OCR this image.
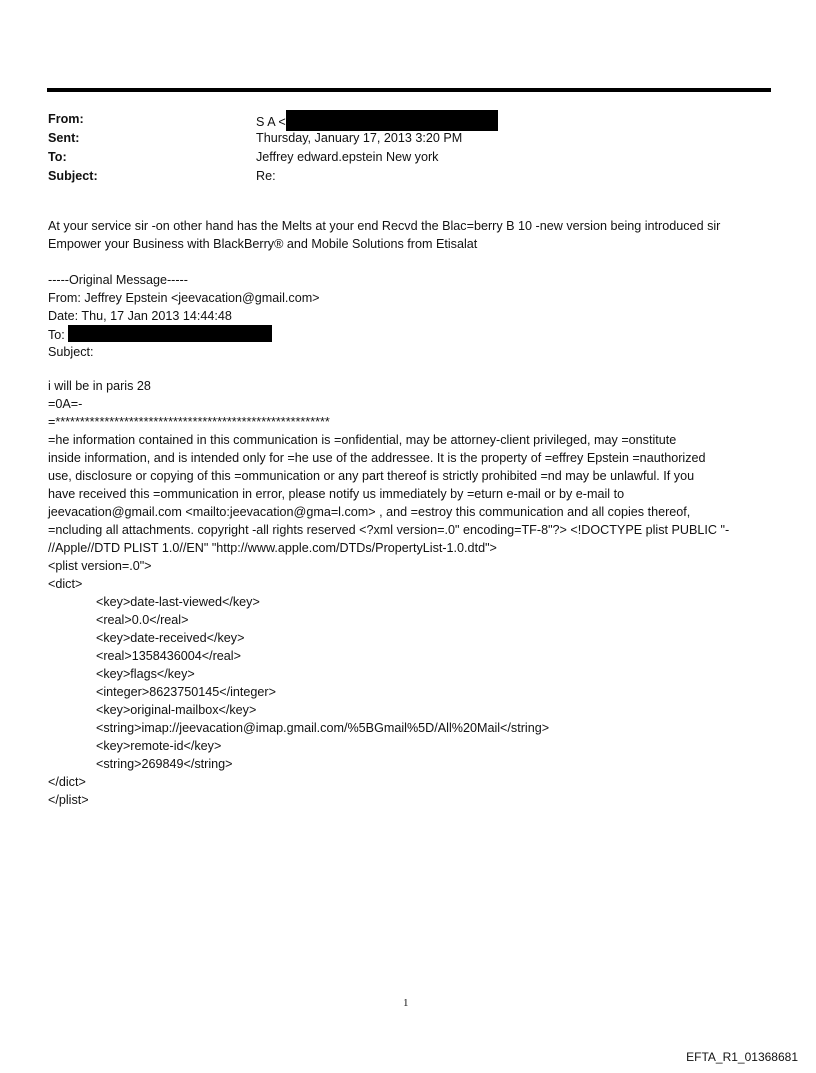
From:	S A <
Sent:	Thursday, January 17, 2013 3:20 PM
To:	Jeffrey edward.epstein New york
Subject:	Re:
At your service sir -on other hand has the Melts at your end Recvd the Blac=berry B 10 -new version being introduced sir
Empower your Business with BlackBerry® and Mobile Solutions from Etisalat
-----Original Message-----
From: Jeffrey Epstein <jeevacation@gmail.com>
Date: Thu, 17 Jan 2013 14:44:48
To:
Subject:
i will be in paris 28
=0A=-
=********************************************************
=he information contained in this communication is =onfidential, may be attorney-client privileged, may =onstitute
inside information, and is intended only for =he use of the addressee. It is the property of =effrey Epstein =nauthorized
use, disclosure or copying of this =ommunication or any part thereof is strictly prohibited =nd may be unlawful. If you
have received this =ommunication in error, please notify us immediately by =eturn e-mail or by e-mail to
jeevacation@gmail.com <mailto:jeevacation@gma=l.com> , and =estroy this communication and all copies thereof,
=ncluding all attachments. copyright -all rights reserved <?xml version=.0" encoding=TF-8"?> <!DOCTYPE plist PUBLIC "-
//Apple//DTD PLIST 1.0//EN" "http://www.apple.com/DTDs/PropertyList-1.0.dtd">
<plist version=.0">
<dict>
<key>date-last-viewed</key>
<real>0.0</real>
<key>date-received</key>
<real>1358436004</real>
<key>flags</key>
<integer>8623750145</integer>
<key>original-mailbox</key>
<string>imap://jeevacation@imap.gmail.com/%5BGmail%5D/All%20Mail</string>
<key>remote-id</key>
<string>269849</string>
</dict>
</plist>
1
EFTA_R1_01368681
